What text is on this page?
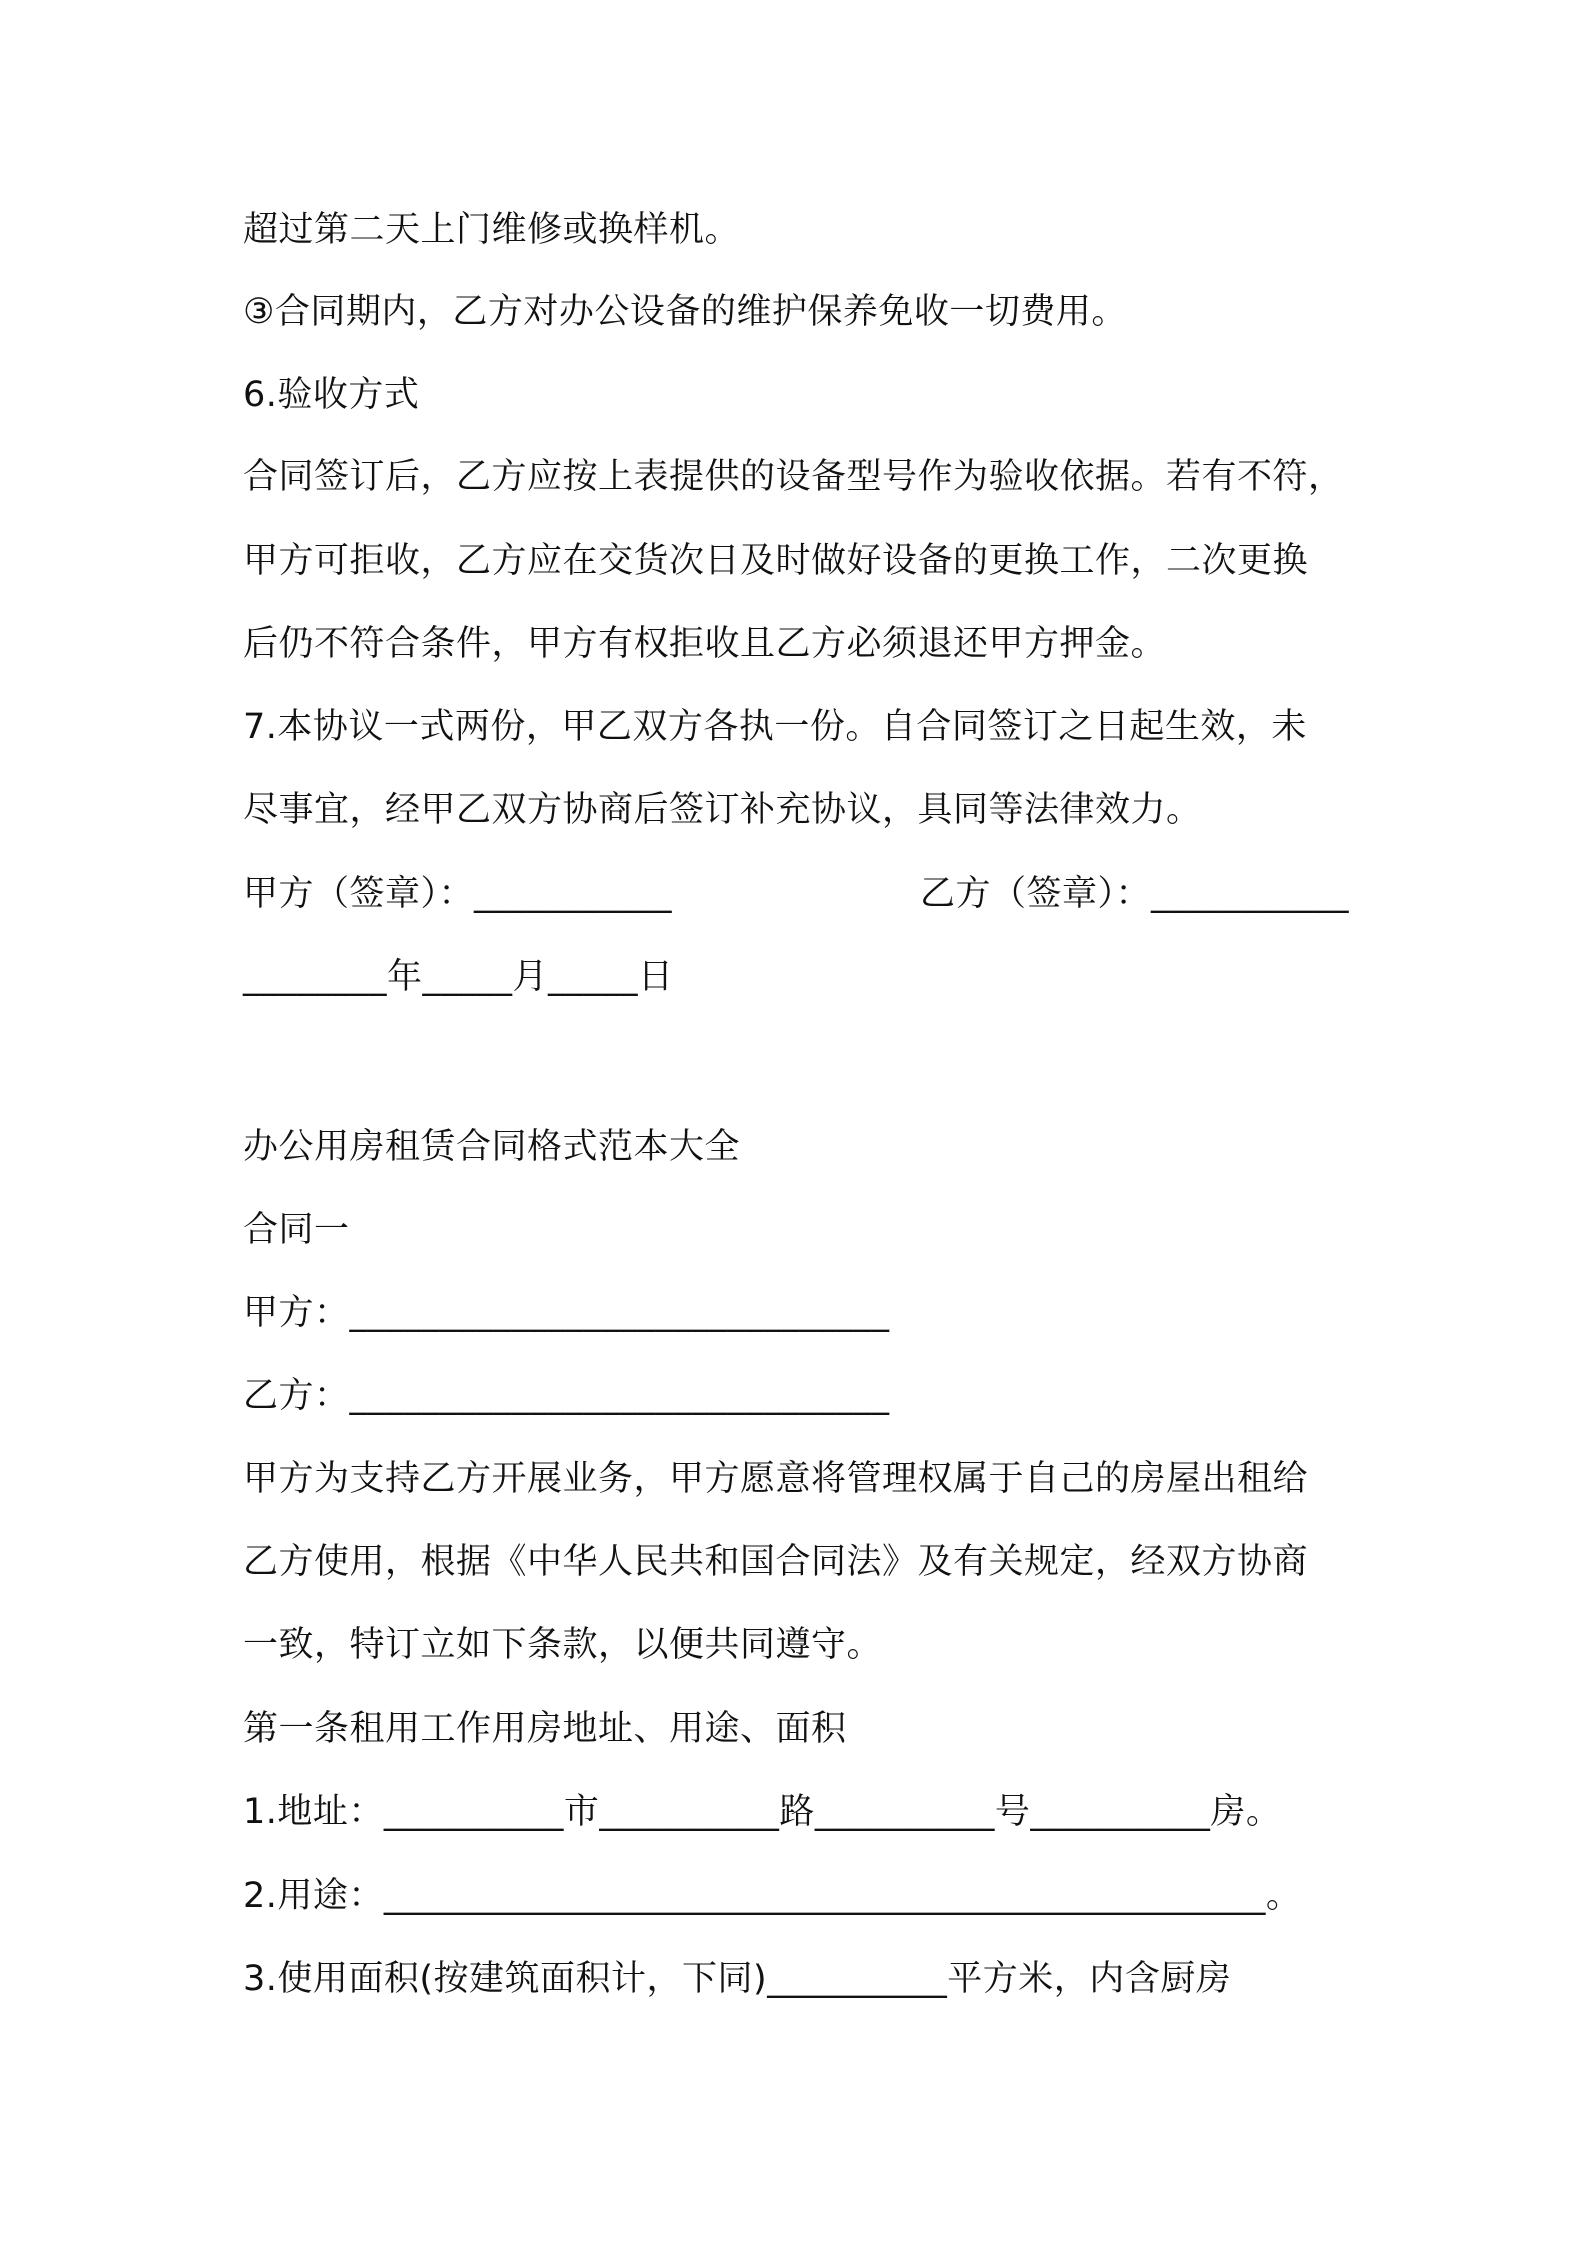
超过第二天上门维修或换样机。
③合同期内，乙方对办公设备的维护保养免收一切费用。
6.验收方式
合同签订后，乙方应按上表提供的设备型号作为验收依据。若有不符，
甲方可拒收，乙方应在交货次日及时做好设备的更换工作，二次更换
后仍不符合条件，甲方有权拒收且乙方必须退还甲方押金。
7.本协议一式两份，甲乙双方各执一份。自合同签订之日起生效，未
尽事宜，经甲乙双方协商后签订补充协议，具同等法律效力。
甲方（签章）：___________	乙方（签章）：___________
________年_____月_____日
办公用房租赁合同格式范本大全
合同一
甲方：______________________________
乙方：______________________________
甲方为支持乙方开展业务，甲方愿意将管理权属于自己的房屋出租给
乙方使用，根据《中华人民共和国合同法》及有关规定，经双方协商
一致，特订立如下条款，以便共同遵守。
第一条租用工作用房地址、用途、面积
1.地址：__________市__________路__________号__________房。
2.用途：_________________________________________________。
3.使用面积(按建筑面积计，下同)__________平方米，内含厨房
